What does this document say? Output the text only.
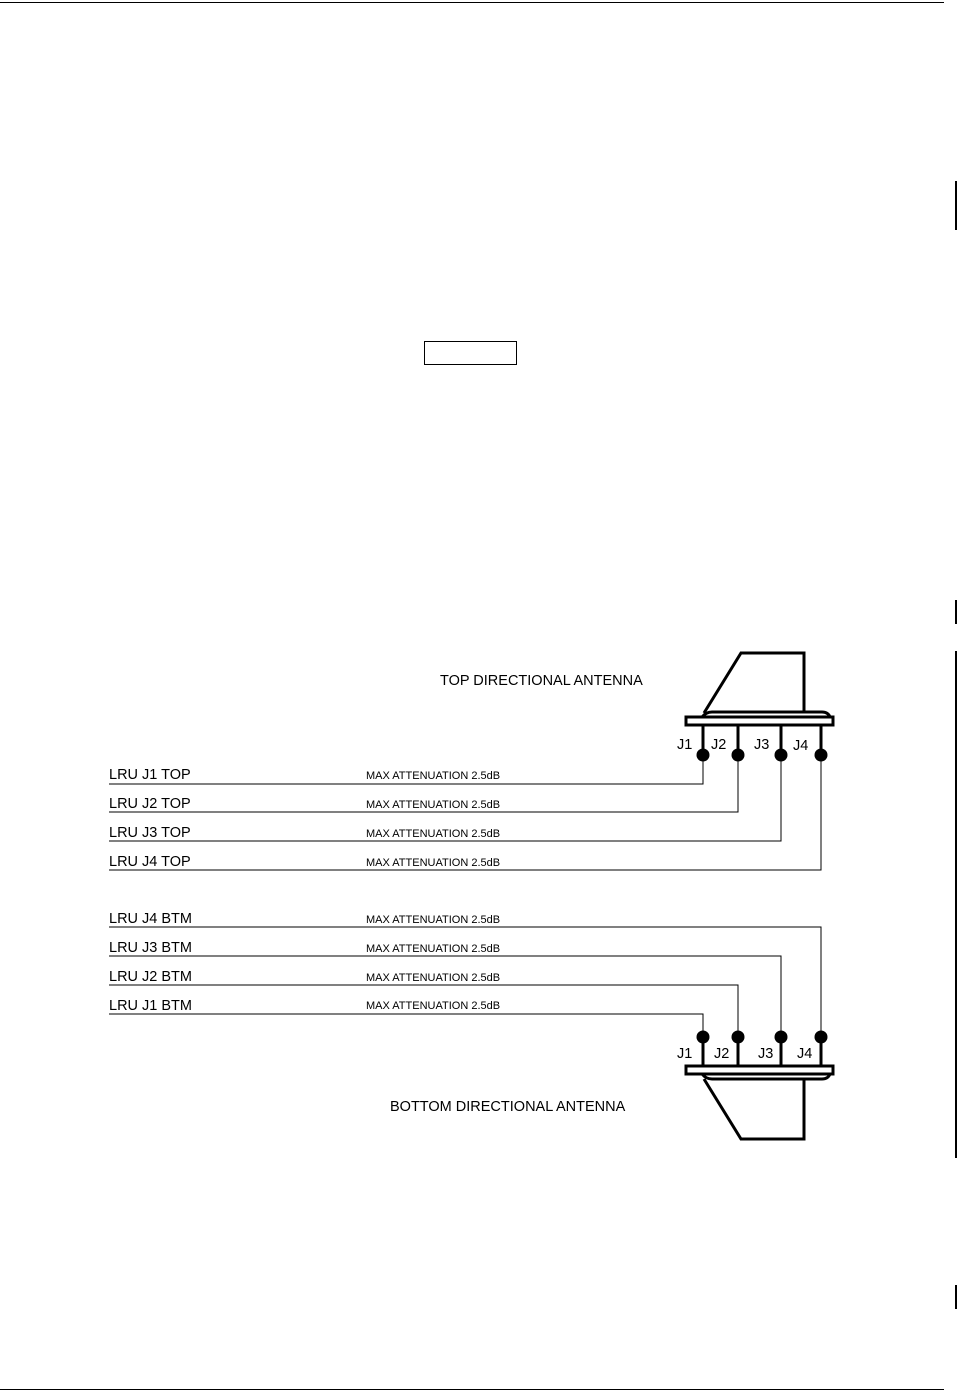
TOP DIRECTIONAL ANTENNA
J1 J2 J3 J4
LRU J1 TOP	MAX ATTENUATION 2.5dB
LRU J2 TOP	MAX ATTENUATION 2.5dB
LRU J3 TOP	MAX ATTENUATION 2.5dB
LRU J4 TOP	MAX ATTENUATION 2.5dB
LRU J4 BTM	MAX ATTENUATION 2.5dB
LRU J3 BTM	MAX ATTENUATION 2.5dB
LRU J2 BTM	MAX ATTENUATION 2.5dB
LRU J1 BTM	MAX ATTENUATION 2.5dB
J1 J2 J3 J4
BOTTOM DIRECTIONAL ANTENNA
